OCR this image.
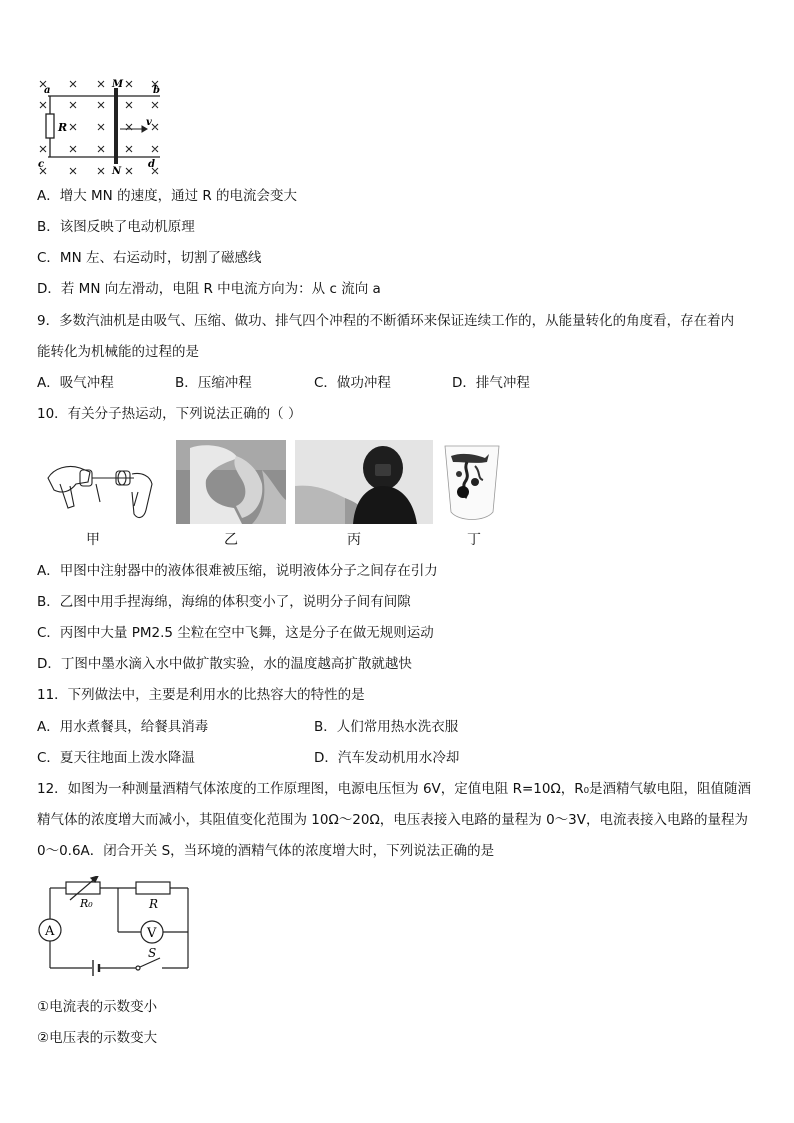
a
M
b
R	v
c
N
d
A．增大 MN 的速度，通过 R 的电流会变大
B．该图反映了电动机原理
C．MN 左、右运动时，切割了磁感线
D．若 MN 向左滑动，电阻 R 中电流方向为：从 c 流向 a
9．多数汽油机是由吸气、压缩、做功、排气四个冲程的不断循环来保证连续工作的，从能量转化的角度看，存在着内
能转化为机械能的过程的是
A．吸气冲程	B．压缩冲程	C．做功冲程	D．排气冲程
10．有关分子热运动，下列说法正确的（ ）
甲	乙	丙	丁
A．甲图中注射器中的液体很难被压缩，说明液体分子之间存在引力
B．乙图中用手捏海绵，海绵的体积变小了，说明分子间有间隙
C．丙图中大量 PM2.5 尘粒在空中飞舞，这是分子在做无规则运动
D．丁图中墨水滴入水中做扩散实验，水的温度越高扩散就越快
11．下列做法中，主要是利用水的比热容大的特性的是
A．用水煮餐具，给餐具消毒	B．人们常用热水洗衣服
C．夏天往地面上泼水降温	D．汽车发动机用水冷却
12．如图为一种测量酒精气体浓度的工作原理图，电源电压恒为 6V，定值电阻 R=10Ω，R₀是酒精气敏电阻，阻值随酒
精气体的浓度增大而减小，其阻值变化范围为 10Ω～20Ω，电压表接入电路的量程为 0～3V，电流表接入电路的量程为
0～0.6A．闭合开关 S，当环境的酒精气体的浓度增大时，下列说法正确的是
A	V
R₀	R
S
①电流表的示数变小
②电压表的示数变大
